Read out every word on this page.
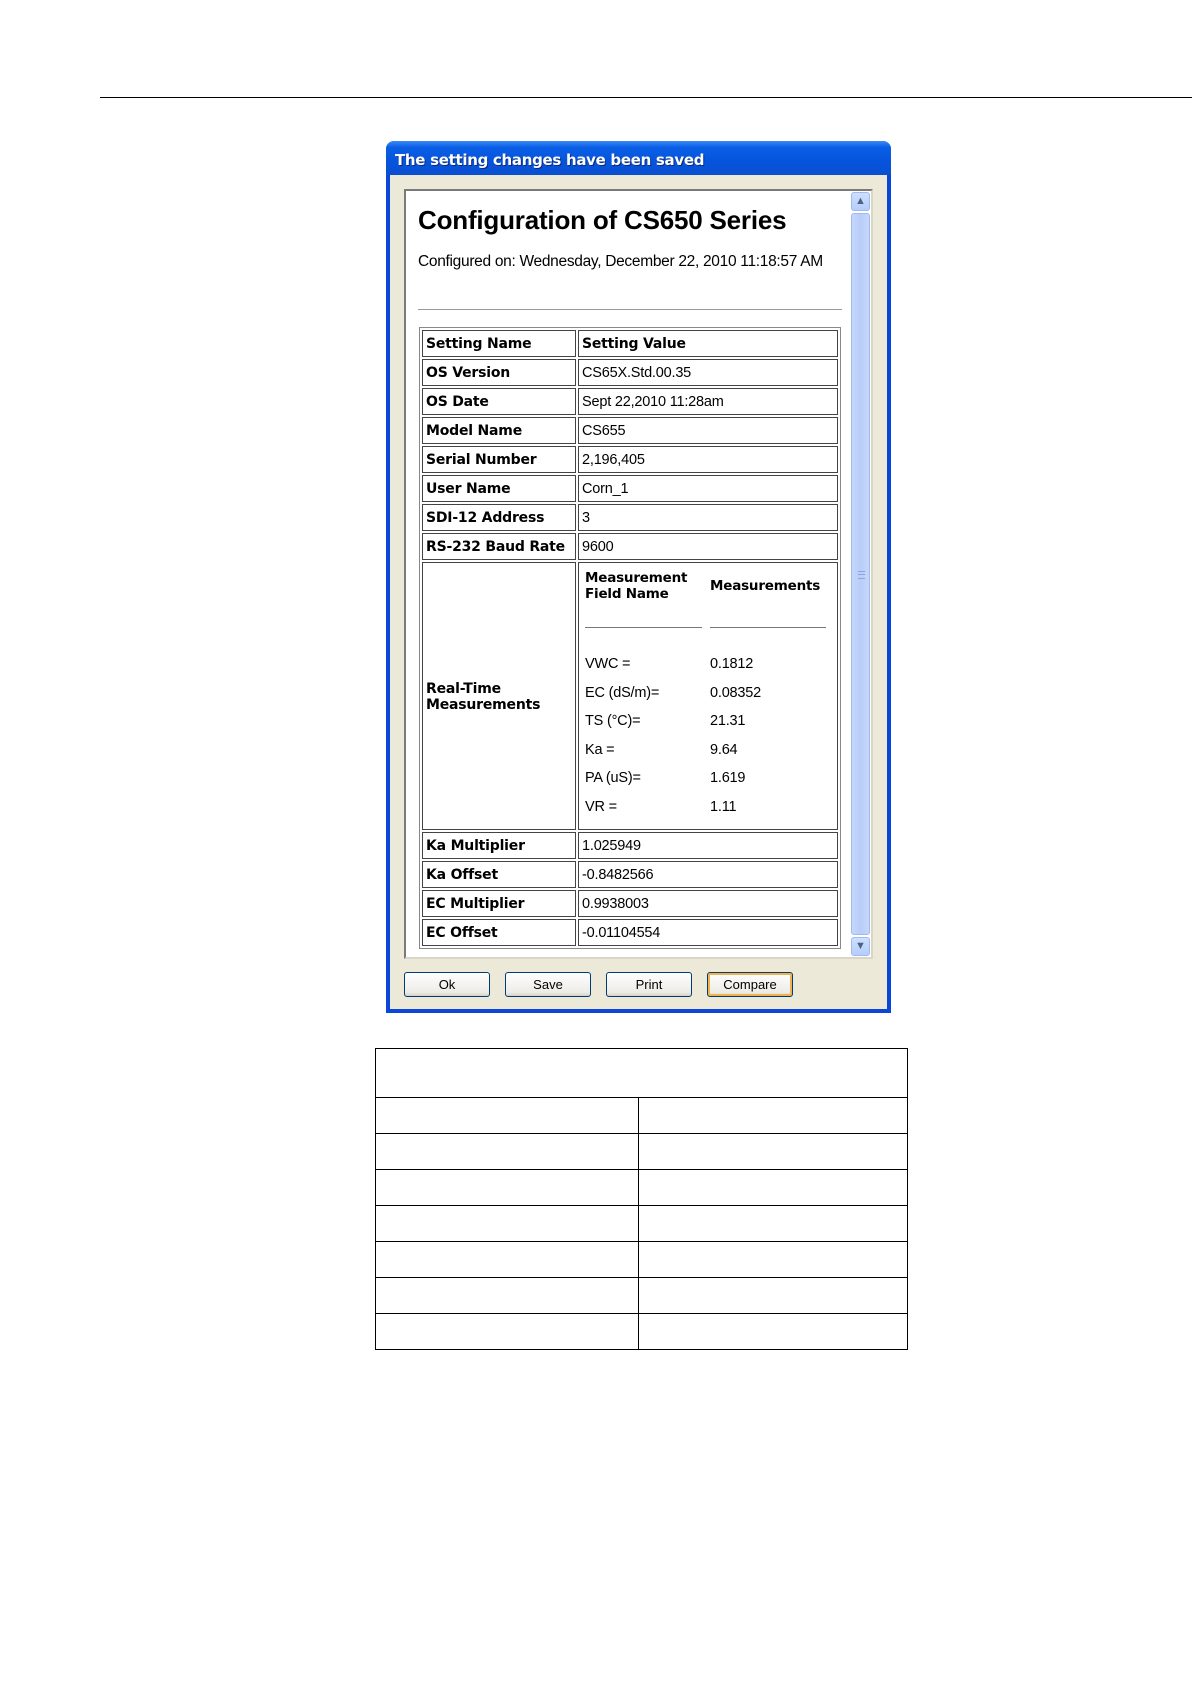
The setting changes have been saved
Configuration of CS650 Series
Configured on: Wednesday, December 22, 2010 11:18:57 AM
Setting Name	Setting Value
OS Version	CS65X.Std.00.35
OS Date	Sept 22,2010 11:28am
Model Name	CS655
Serial Number	2,196,405
User Name	Corn_1
SDI-12 Address	3
RS-232 Baud Rate	9600
Real-Time Measurements	
Measurement Field Name	Measurements

VWC =	0.1812
EC (dS/m)=	0.08352
TS (°C)=	21.31
Ka =	9.64
PA (uS)=	1.619
VR =	1.11

Ka Multiplier	1.025949
Ka Offset	-0.8482566
EC Multiplier	0.9938003
EC Offset	-0.01104554
▲
▼
Ok	Save	Print	Compare
